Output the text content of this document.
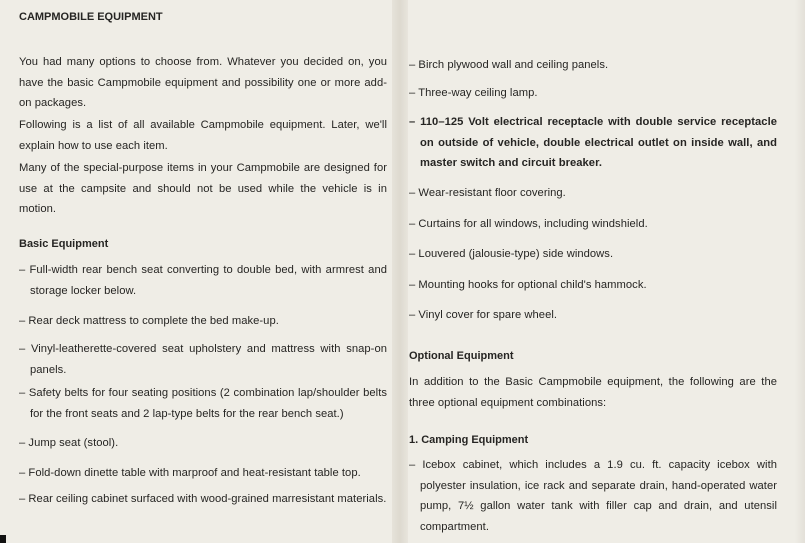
CAMPMOBILE EQUIPMENT

You had many options to choose from. Whatever you decided on, you have the basic Campmobile equipment and possibility one or more add-on packages.

Following is a list of all available Campmobile equipment. Later, we'll explain how to use each item.

Many of the special-purpose items in your Campmobile are designed for use at the campsite and should not be used while the vehicle is in motion.

Basic Equipment

– Full-width rear bench seat converting to double bed, with armrest and storage locker below.

– Rear deck mattress to complete the bed make-up.

– Vinyl-leatherette-covered seat upholstery and mattress with snap-on panels.

– Safety belts for four seating positions (2 combination lap/shoulder belts for the front seats and 2 lap-type belts for the rear bench seat.)

– Jump seat (stool).

– Fold-down dinette table with marproof and heat-resistant table top.

– Rear ceiling cabinet surfaced with wood-grained marresistant materials.

– Birch plywood wall and ceiling panels.

– Three-way ceiling lamp.

– 110–125 Volt electrical receptacle with double service receptacle on outside of vehicle, double electrical outlet on inside wall, and master switch and circuit breaker.

– Wear-resistant floor covering.

– Curtains for all windows, including windshield.

– Louvered (jalousie-type) side windows.

– Mounting hooks for optional child's hammock.

– Vinyl cover for spare wheel.

Optional Equipment

In addition to the Basic Campmobile equipment, the following are the three optional equipment combinations:

1. Camping Equipment

– Icebox cabinet, which includes a 1.9 cu. ft. capacity icebox with polyester insulation, ice rack and separate drain, hand-operated water pump, 7½ gallon water tank with filler cap and drain, and utensil compartment.
